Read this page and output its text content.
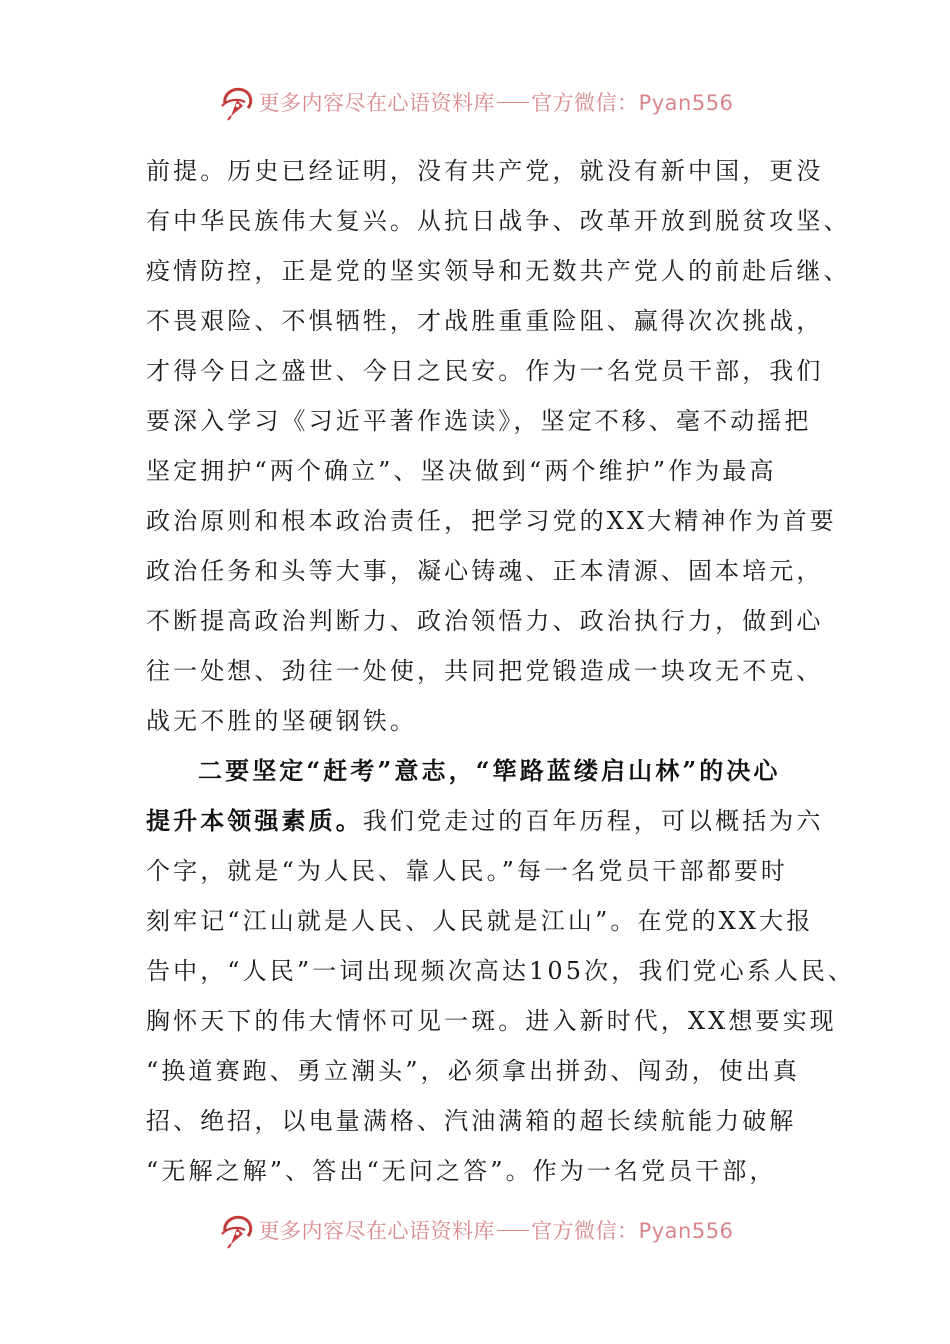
更多内容尽在心语资料库 官方微信：Pyan556
前提。历史已经证明，没有共产党，就没有新中国，更没
有中华民族伟大复兴。从抗日战争、改革开放到脱贫攻坚、
疫情防控，正是党的坚实领导和无数共产党人的前赴后继、
不畏艰险、不惧牺牲，才战胜重重险阻、赢得次次挑战，
才得今日之盛世、今日之民安。作为一名党员干部，我们
要深入学习《习近平著作选读》，坚定不移、毫不动摇把
坚定拥护“两个确立”、坚决做到“两个维护”作为最高
政治原则和根本政治责任，把学习党的XX大精神作为首要
政治任务和头等大事，凝心铸魂、正本清源、固本培元，
不断提高政治判断力、政治领悟力、政治执行力，做到心
往一处想、劲往一处使，共同把党锻造成一块攻无不克、
战无不胜的坚硬钢铁。
二要坚定“赶考”意志，“筚路蓝缕启山林”的决心
提升本领强素质。我们党走过的百年历程，可以概括为六
个字，就是“为人民、靠人民。”每一名党员干部都要时
刻牢记“江山就是人民、人民就是江山”。在党的XX大报
告中，“人民”一词出现频次高达105次，我们党心系人民、
胸怀天下的伟大情怀可见一斑。进入新时代，XX想要实现
“换道赛跑、勇立潮头”，必须拿出拼劲、闯劲，使出真
招、绝招，以电量满格、汽油满箱的超长续航能力破解
“无解之解”、答出“无问之答”。作为一名党员干部，
更多内容尽在心语资料库 官方微信：Pyan556
